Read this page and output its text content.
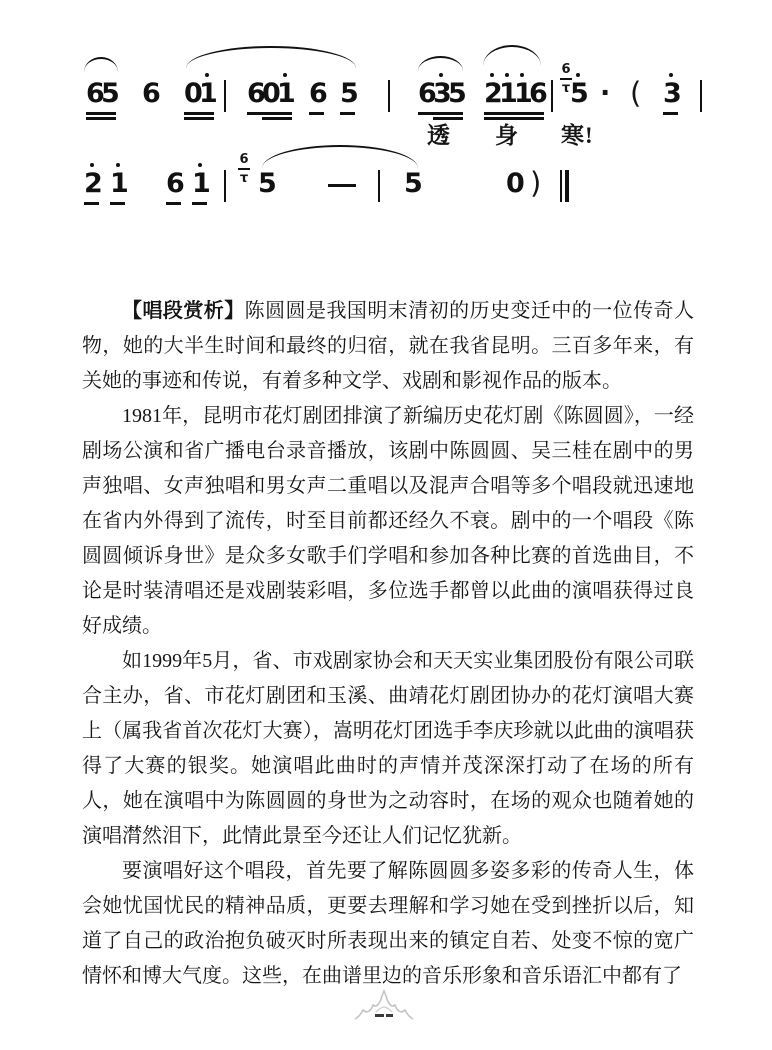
6
5 6 0
1 6
0
1 6 5 6
3
5 2
1
1
6
6
τ 5 · ( 3
透 身 寒!
2 1 6 1
6
τ 5	5	0 )

【唱段赏析】陈圆圆是我国明末清初的历史变迁中的一位传奇人物，她的大半生时间和最终的归宿，就在我省昆明。三百多年来，有关她的事迹和传说，有着多种文学、戏剧和影视作品的版本。

1981年，昆明市花灯剧团排演了新编历史花灯剧《陈圆圆》，一经剧场公演和省广播电台录音播放，该剧中陈圆圆、吴三桂在剧中的男声独唱、女声独唱和男女声二重唱以及混声合唱等多个唱段就迅速地在省内外得到了流传，时至目前都还经久不衰。剧中的一个唱段《陈圆圆倾诉身世》是众多女歌手们学唱和参加各种比赛的首选曲目，不论是时装清唱还是戏剧装彩唱，多位选手都曾以此曲的演唱获得过良好成绩。

如1999年5月，省、市戏剧家协会和天天实业集团股份有限公司联合主办，省、市花灯剧团和玉溪、曲靖花灯剧团协办的花灯演唱大赛上（属我省首次花灯大赛），嵩明花灯团选手李庆珍就以此曲的演唱获得了大赛的银奖。她演唱此曲时的声情并茂深深打动了在场的所有人，她在演唱中为陈圆圆的身世为之动容时，在场的观众也随着她的演唱潸然泪下，此情此景至今还让人们记忆犹新。

要演唱好这个唱段，首先要了解陈圆圆多姿多彩的传奇人生，体会她忧国忧民的精神品质，更要去理解和学习她在受到挫折以后，知道了自己的政治抱负破灭时所表现出来的镇定自若、处变不惊的宽广情怀和博大气度。这些，在曲谱里边的音乐形象和音乐语汇中都有了
